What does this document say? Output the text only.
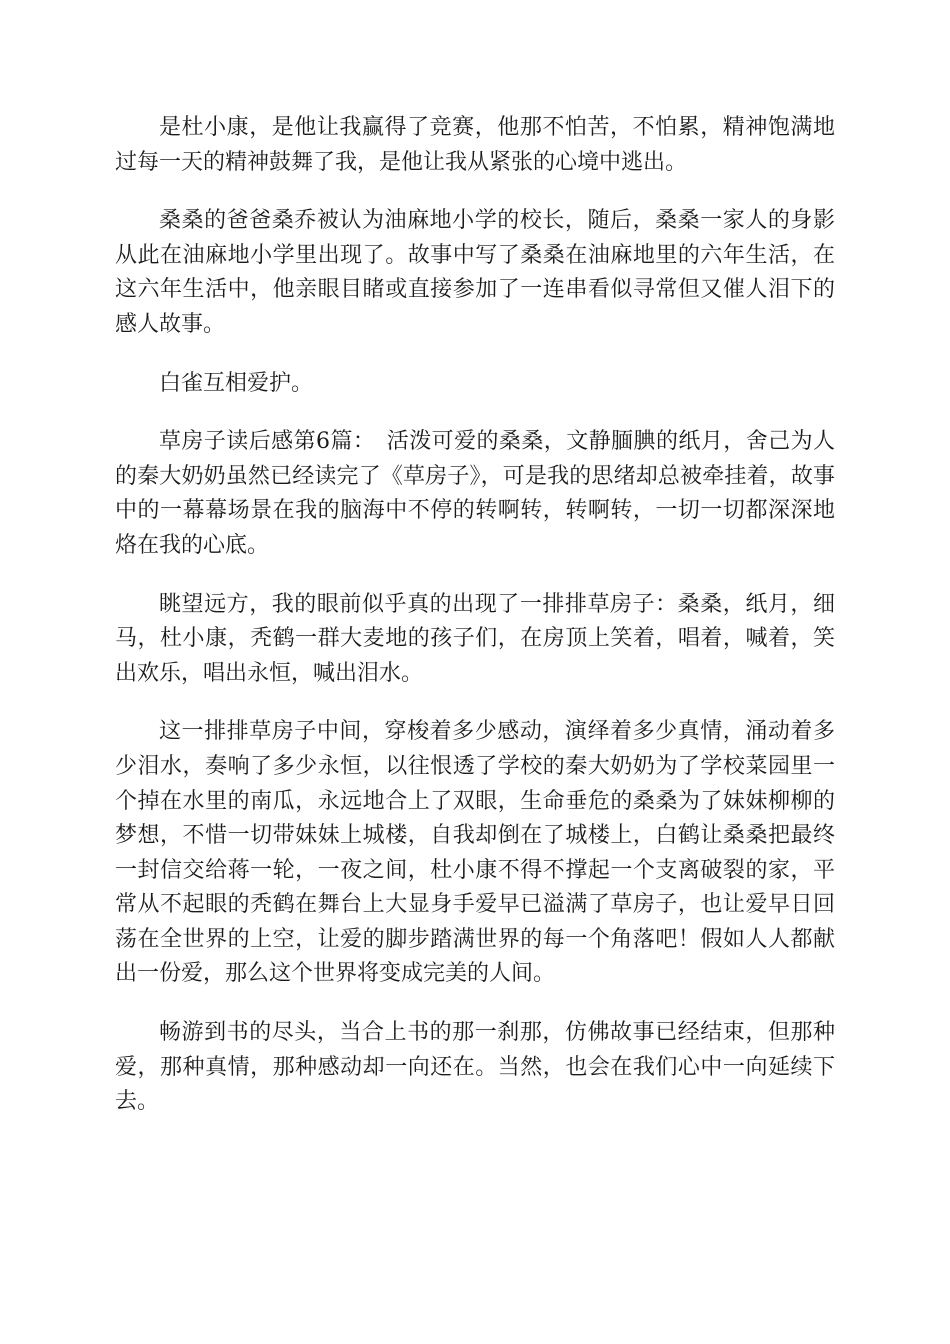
是杜小康，是他让我赢得了竞赛，他那不怕苦，不怕累，精神饱满地过每一天的精神鼓舞了我，是他让我从紧张的心境中逃出。

桑桑的爸爸桑乔被认为油麻地小学的校长，随后，桑桑一家人的身影从此在油麻地小学里出现了。故事中写了桑桑在油麻地里的六年生活，在这六年生活中，他亲眼目睹或直接参加了一连串看似寻常但又催人泪下的感人故事。

白雀互相爱护。

草房子读后感第6篇：　活泼可爱的桑桑，文静腼腆的纸月，舍己为人的秦大奶奶虽然已经读完了《草房子》，可是我的思绪却总被牵挂着，故事中的一幕幕场景在我的脑海中不停的转啊转，转啊转，一切一切都深深地烙在我的心底。

眺望远方，我的眼前似乎真的出现了一排排草房子：桑桑，纸月，细马，杜小康，秃鹤一群大麦地的孩子们，在房顶上笑着，唱着，喊着，笑出欢乐，唱出永恒，喊出泪水。

这一排排草房子中间，穿梭着多少感动，演绎着多少真情，涌动着多少泪水，奏响了多少永恒，以往恨透了学校的秦大奶奶为了学校菜园里一个掉在水里的南瓜，永远地合上了双眼，生命垂危的桑桑为了妹妹柳柳的梦想，不惜一切带妹妹上城楼，自我却倒在了城楼上，白鹤让桑桑把最终一封信交给蒋一轮，一夜之间，杜小康不得不撑起一个支离破裂的家，平常从不起眼的秃鹤在舞台上大显身手爱早已溢满了草房子，也让爱早日回荡在全世界的上空，让爱的脚步踏满世界的每一个角落吧！假如人人都献出一份爱，那么这个世界将变成完美的人间。

畅游到书的尽头，当合上书的那一刹那，仿佛故事已经结束，但那种爱，那种真情，那种感动却一向还在。当然，也会在我们心中一向延续下去。
